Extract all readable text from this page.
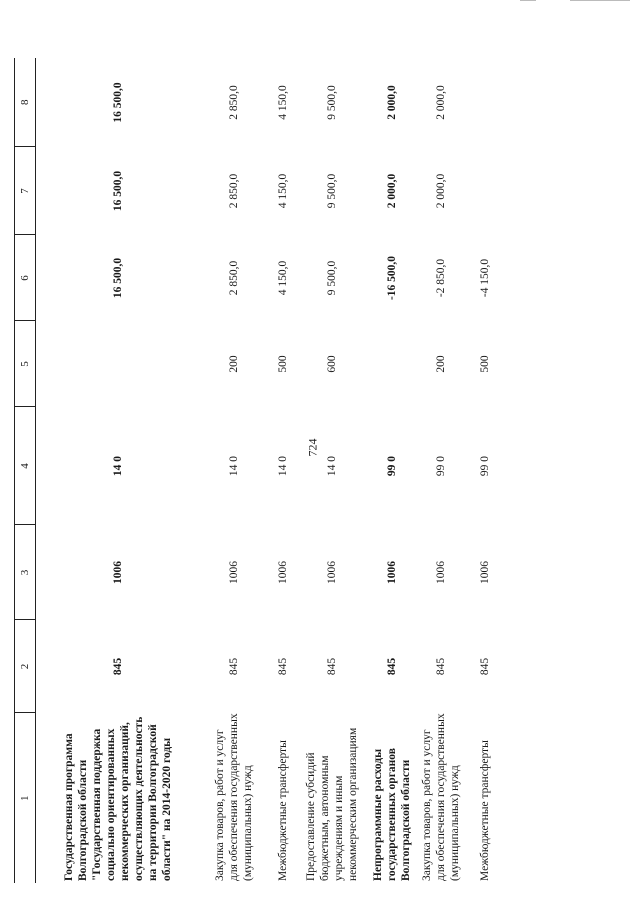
724
1	2	3	4	5	6	7	8
Государственная программа Волгоградской области "Государственная поддержка социально ориентированных некоммерческих организаций, осуществляющих деятельность на территории Волгоградской области" на 2014-2020 годы	845	1006	14 0		16 500,0	16 500,0	16 500,0
Закупка товаров, работ и услуг для обеспечения государственных (муниципальных) нужд	845	1006	14 0	200	2 850,0	2 850,0	2 850,0
Межбюджетные трансферты	845	1006	14 0	500	4 150,0	4 150,0	4 150,0
Предоставление субсидий бюджетным, автономным учреждениям и иным некоммерческим организациям	845	1006	14 0	600	9 500,0	9 500,0	9 500,0
Непрограммные расходы государственных органов Волгоградской области	845	1006	99 0		-16 500,0	2 000,0	2 000,0
Закупка товаров, работ и услуг для обеспечения государственных (муниципальных) нужд	845	1006	99 0	200	-2 850,0	2 000,0	2 000,0
Межбюджетные трансферты	845	1006	99 0	500	-4 150,0		
